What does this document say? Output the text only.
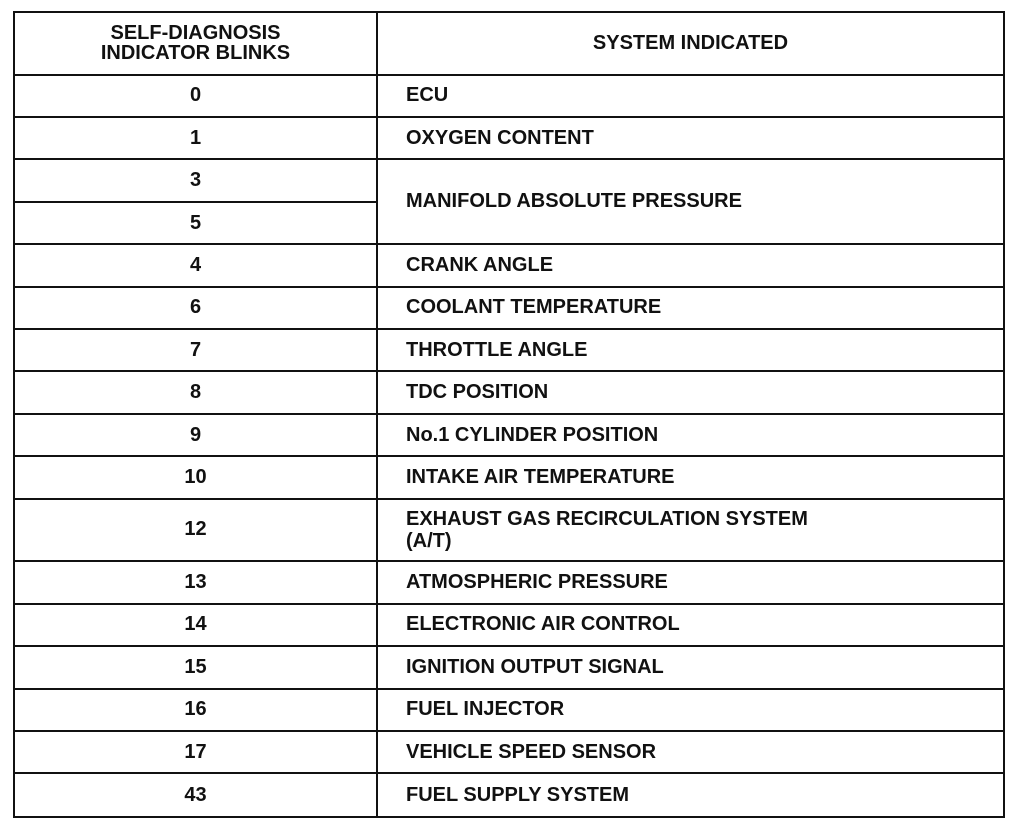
SELF-DIAGNOSIS
INDICATOR BLINKS	SYSTEM INDICATED
0	ECU
1	OXYGEN CONTENT
3	MANIFOLD ABSOLUTE PRESSURE
5	
4	CRANK ANGLE
6	COOLANT TEMPERATURE
7	THROTTLE ANGLE
8	TDC POSITION
9	No.1 CYLINDER POSITION
10	INTAKE AIR TEMPERATURE
12	EXHAUST GAS RECIRCULATION SYSTEM
(A/T)

13	ATMOSPHERIC PRESSURE
14	ELECTRONIC AIR CONTROL
15	IGNITION OUTPUT SIGNAL
16	FUEL INJECTOR
17	VEHICLE SPEED SENSOR
43	FUEL SUPPLY SYSTEM
